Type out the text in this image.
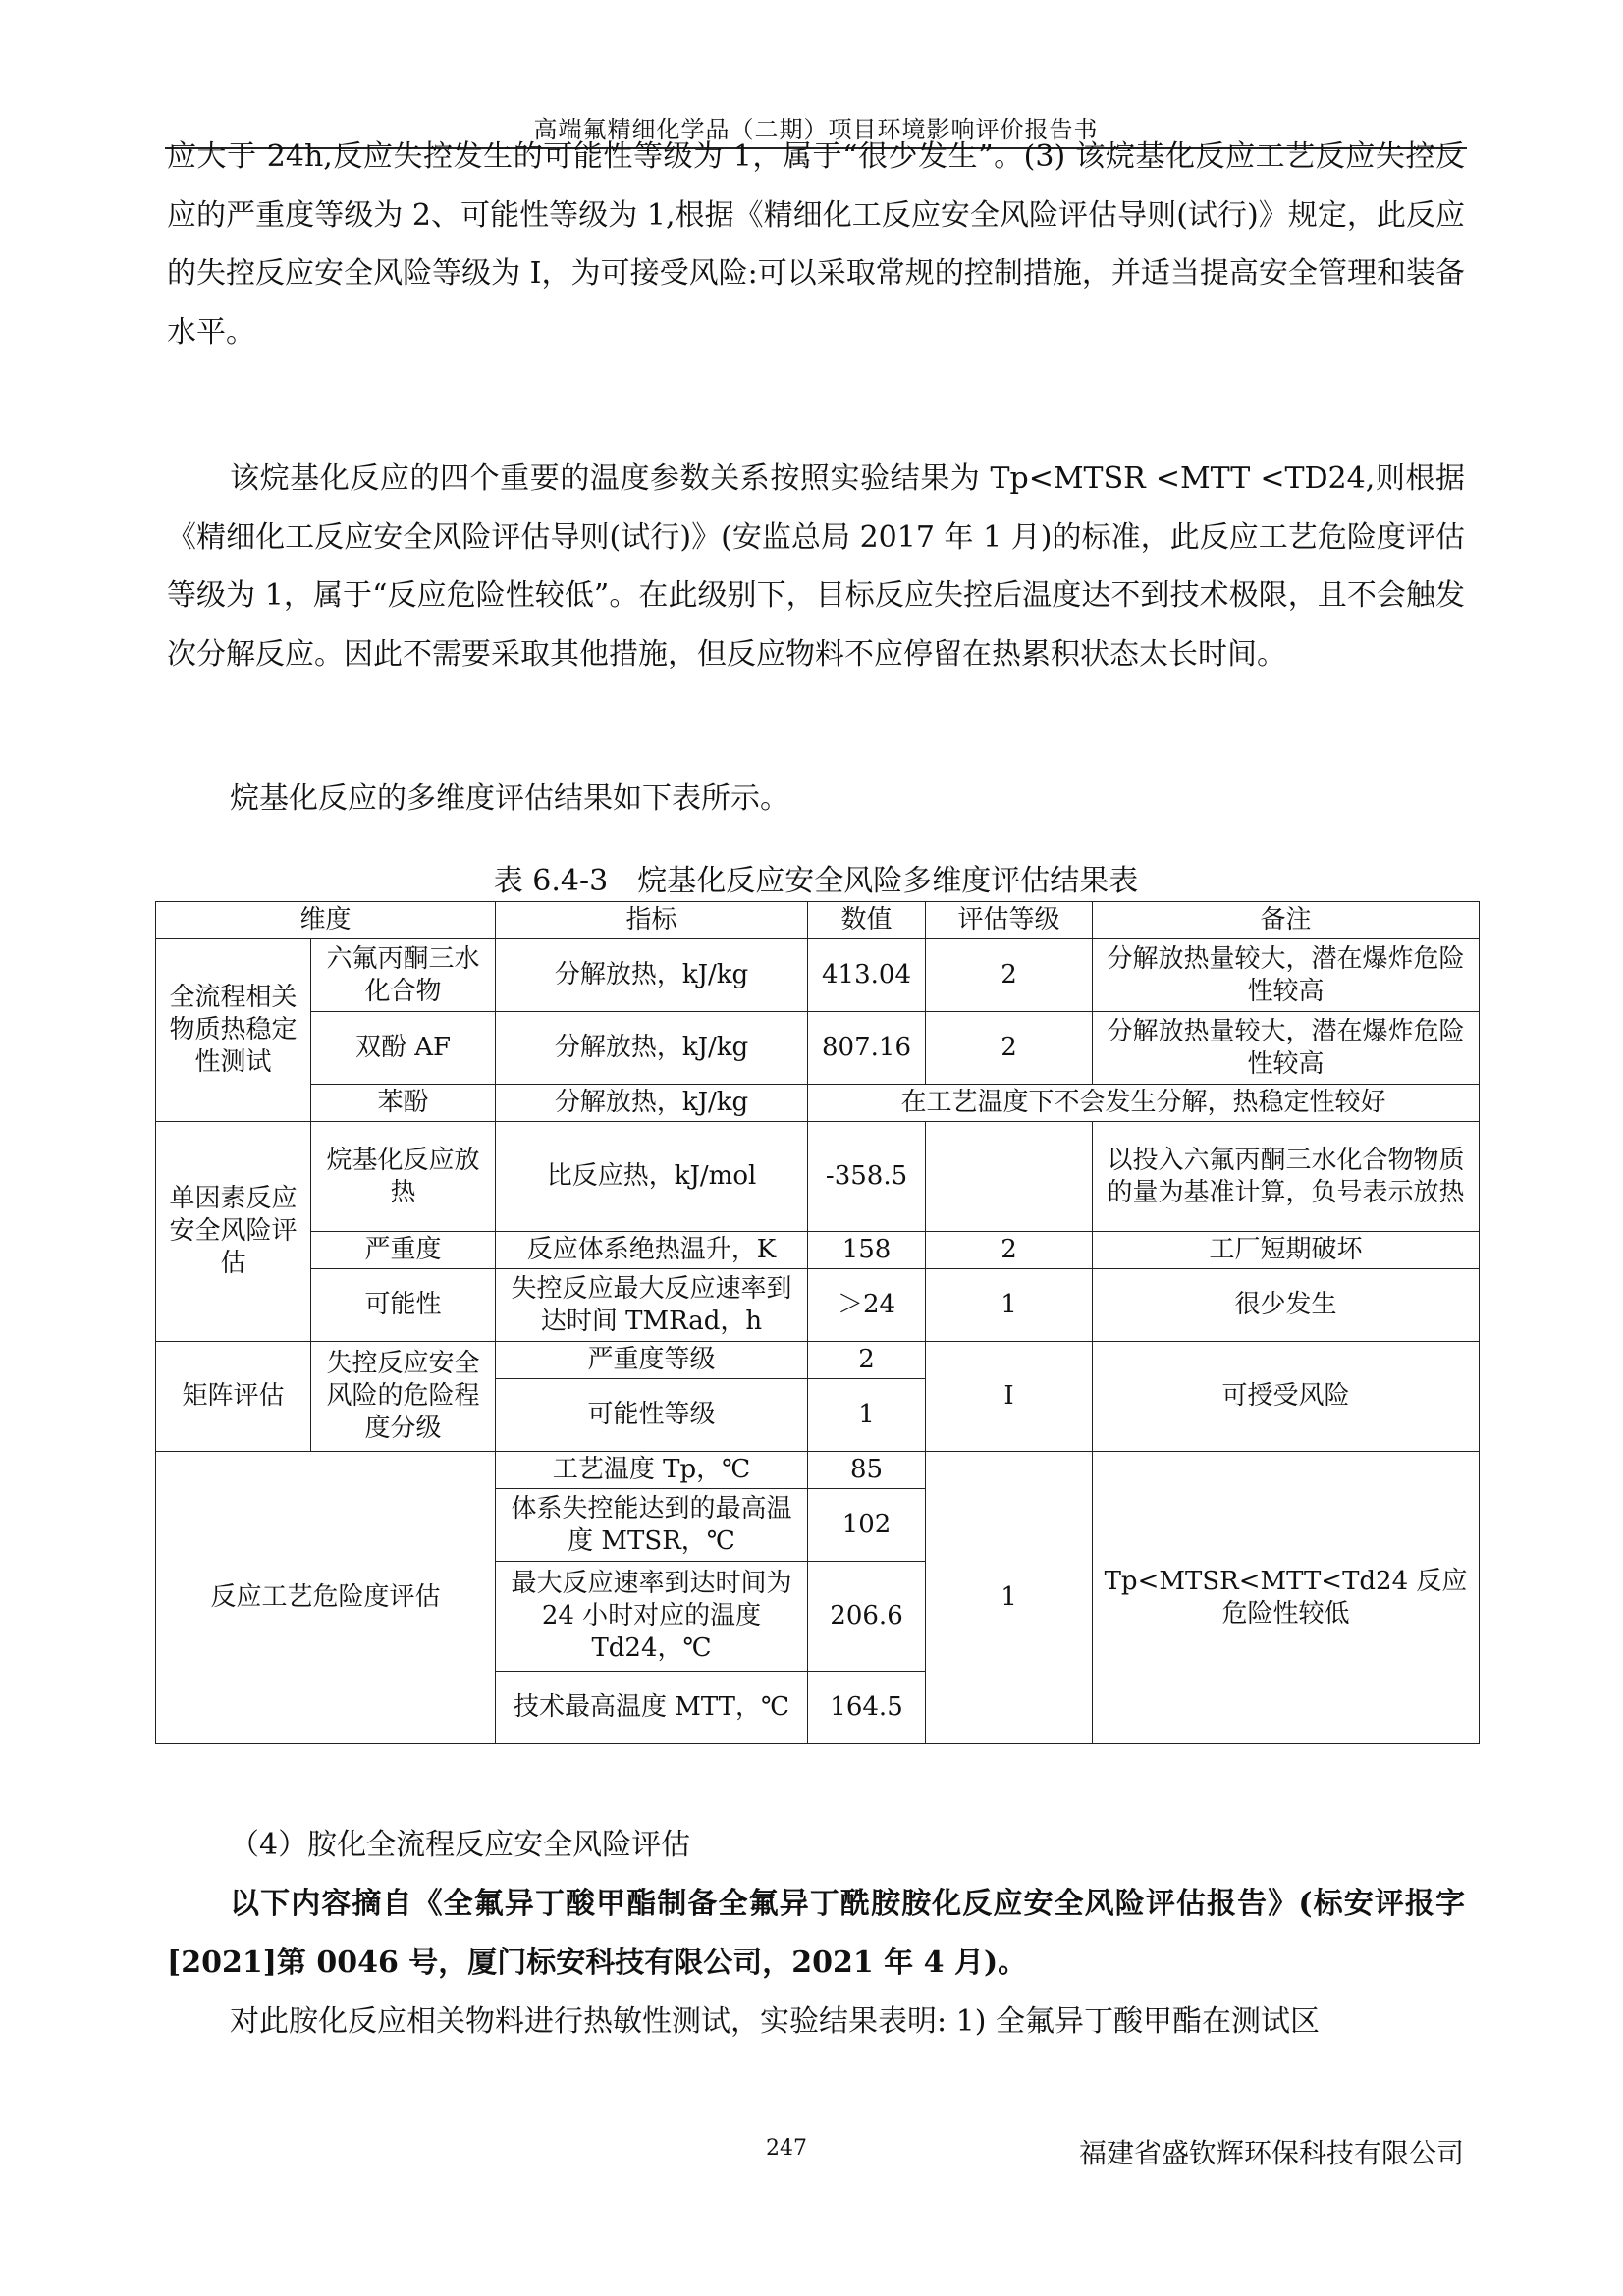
高端氟精细化学品（二期）项目环境影响评价报告书

应大于 24h,反应失控发生的可能性等级为 1，属于“很少发生”。(3) 该烷基化反应工艺反应失控反应的严重度等级为 2、可能性等级为 1,根据《精细化工反应安全风险评估导则(试行)》规定，此反应的失控反应安全风险等级为 I，为可接受风险:可以采取常规的控制措施，并适当提高安全管理和装备水平。

该烷基化反应的四个重要的温度参数关系按照实验结果为 Tp<MTSR <MTT <TD24,则根据《精细化工反应安全风险评估导则(试行)》(安监总局 2017 年 1 月)的标准，此反应工艺危险度评估等级为 1，属于“反应危险性较低”。在此级别下，目标反应失控后温度达不到技术极限，且不会触发次分解反应。因此不需要采取其他措施，但反应物料不应停留在热累积状态太长时间。

烷基化反应的多维度评估结果如下表所示。

表 6.4-3　烷基化反应安全风险多维度评估结果表
维度		指标	数值	评估等级	备注
全流程相关物质热稳定性测试	六氟丙酮三水化合物	分解放热，kJ/kg	413.04	2	分解放热量较大，潜在爆炸危险性较高
	双酚 AF	分解放热，kJ/kg	807.16	2	分解放热量较大，潜在爆炸危险性较高
	苯酚	分解放热，kJ/kg	在工艺温度下不会发生分解，热稳定性较好		
单因素反应安全风险评估	烷基化反应放热	比反应热，kJ/mol	-358.5		以投入六氟丙酮三水化合物物质的量为基准计算，负号表示放热
	严重度	反应体系绝热温升，K	158	2	工厂短期破坏
	可能性	失控反应最大反应速率到达时间 TMRad，h	＞24	1	很少发生
矩阵评估	失控反应安全风险的危险程度分级	严重度等级	2	I	可授受风险
		可能性等级	1		
反应工艺危险度评估		工艺温度 Tp，℃	85	1	Tp<MTSR<MTT<Td24 反应危险性较低
		体系失控能达到的最高温度 MTSR，℃	102		
		最大反应速率到达时间为 24 小时对应的温度 Td24，℃	206.6		
		技术最高温度 MTT，℃	164.5		

（4）胺化全流程反应安全风险评估

以下内容摘自《全氟异丁酸甲酯制备全氟异丁酰胺胺化反应安全风险评估报告》(标安评报字[2021]第 0046 号，厦门标安科技有限公司，2021 年 4 月)。

对此胺化反应相关物料进行热敏性测试，实验结果表明: 1) 全氟异丁酸甲酯在测试区

247	福建省盛钦辉环保科技有限公司
